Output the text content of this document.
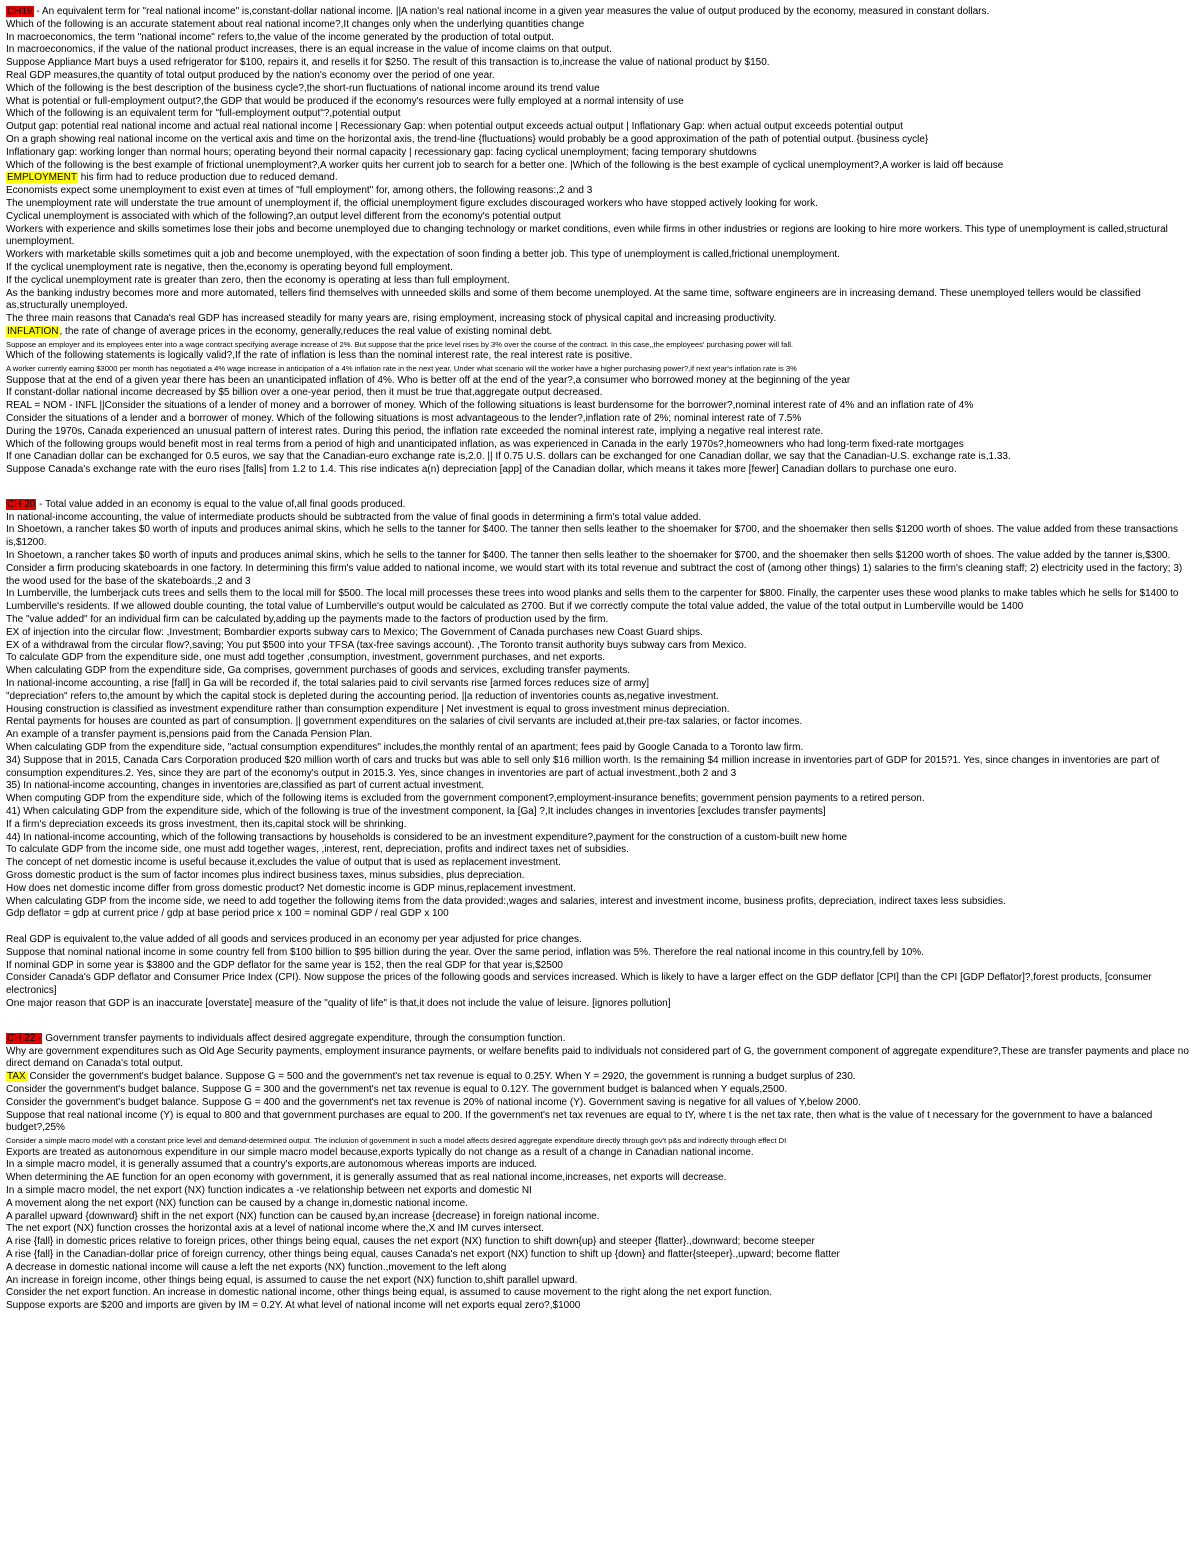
CH19 - An equivalent term for "real national income" is,constant-dollar national income. ||A nation's real national income in a given year measures the value of output produced by the economy, measured in constant dollars.

Which of the following is an accurate statement about real national income?,It changes only when the underlying quantities change

In macroeconomics, the term "national income" refers to,the value of the income generated by the production of total output.

In macroeconomics, if the value of the national product increases, there is an equal increase in the value of income claims on that output.

Suppose Appliance Mart buys a used refrigerator for $100, repairs it, and resells it for $250. The result of this transaction is to,increase the value of national product by $150.

Real GDP measures,the quantity of total output produced by the nation's economy over the period of one year.

Which of the following is the best description of the business cycle?,the short-run fluctuations of national income around its trend value

What is potential or full-employment output?,the GDP that would be produced if the economy's resources were fully employed at a normal intensity of use

Which of the following is an equivalent term for "full-employment output"?,potential output

Output gap: potential real national income and actual real national income | Recessionary Gap: when potential output exceeds actual output | Inflationary Gap: when actual output exceeds potential output

On a graph showing real national income on the vertical axis and time on the horizontal axis, the trend-line {fluctuations} would probably be a good approximation of the path of potential output. {business cycle}

Inflationary gap: working longer than normal hours; operating beyond their normal capacity | recessionary gap: facing cyclical unemployment; facing temporary shutdowns

Which of the following is the best example of frictional unemployment?,A worker quits her current job to search for a better one. |Which of the following is the best example of cyclical unemployment?,A worker is laid off because

EMPLOYMENT his firm had to reduce production due to reduced demand.

Economists expect some unemployment to exist even at times of "full employment" for, among others, the following reasons:,2 and 3

The unemployment rate will understate the true amount of unemployment if, the official unemployment figure excludes discouraged workers who have stopped actively looking for work.

Cyclical unemployment is associated with which of the following?,an output level different from the economy's potential output

Workers with experience and skills sometimes lose their jobs and become unemployed due to changing technology or market conditions, even while firms in other industries or regions are looking to hire more workers. This type of unemployment is called,structural unemployment.

Workers with marketable skills sometimes quit a job and become unemployed, with the expectation of soon finding a better job. This type of unemployment is called,frictional unemployment.

If the cyclical unemployment rate is negative, then the,economy is operating beyond full employment.

If the cyclical unemployment rate is greater than zero, then the economy is operating at less than full employment.

As the banking industry becomes more and more automated, tellers find themselves with unneeded skills and some of them become unemployed. At the same time, software engineers are in increasing demand. These unemployed tellers would be classified as,structurally unemployed.

The three main reasons that Canada's real GDP has increased steadily for many years are, rising employment, increasing stock of physical capital and increasing productivity.

INFLATION, the rate of change of average prices in the economy, generally,reduces the real value of existing nominal debt.

Suppose an employer and its employees enter into a wage contract specifying average increase of 2%. But suppose that the price level rises by 3% over the course of the contract. In this case,,the employees' purchasing power will fall.

Which of the following statements is logically valid?,If the rate of inflation is less than the nominal interest rate, the real interest rate is positive.

A worker currently earning $3000 per month has negotiated a 4% wage increase in anticipation of a 4% inflation rate in the next year. Under what scenario will the worker have a higher purchasing power?,if next year's inflation rate is 3%

Suppose that at the end of a given year there has been an unanticipated inflation of 4%. Who is better off at the end of the year?,a consumer who borrowed money at the beginning of the year

If constant-dollar national income decreased by $5 billion over a one-year period, then it must be true that,aggregate output decreased.

REAL = NOM - INFL ||Consider the situations of a lender of money and a borrower of money. Which of the following situations is least burdensome for the borrower?,nominal interest rate of 4% and an inflation rate of 4%

Consider the situations of a lender and a borrower of money. Which of the following situations is most advantageous to the lender?,inflation rate of 2%; nominal interest rate of 7.5%

During the 1970s, Canada experienced an unusual pattern of interest rates. During this period, the inflation rate exceeded the nominal interest rate, implying a negative real interest rate.

Which of the following groups would benefit most in real terms from a period of high and unanticipated inflation, as was experienced in Canada in the early 1970s?,homeowners who had long-term fixed-rate mortgages

If one Canadian dollar can be exchanged for 0.5 euros, we say that the Canadian-euro exchange rate is,2.0. || If 0.75 U.S. dollars can be exchanged for one Canadian dollar, we say that the Canadian-U.S. exchange rate is,1.33.

Suppose Canada's exchange rate with the euro rises [falls] from 1.2 to 1.4. This rise indicates a(n) depreciation [app] of the Canadian dollar, which means it takes more [fewer] Canadian dollars to purchase one euro.

CH 20 - Total value added in an economy is equal to the value of,all final goods produced.

In national-income accounting, the value of intermediate products should be subtracted from the value of final goods in determining a firm's total value added.

In Shoetown, a rancher takes $0 worth of inputs and produces animal skins, which he sells to the tanner for $400. The tanner then sells leather to the shoemaker for $700, and the shoemaker then sells $1200 worth of shoes. The value added from these transactions is,$1200.

In Shoetown, a rancher takes $0 worth of inputs and produces animal skins, which he sells to the tanner for $400. The tanner then sells leather to the shoemaker for $700, and the shoemaker then sells $1200 worth of shoes. The value added by the tanner is,$300.

Consider a firm producing skateboards in one factory. In determining this firm's value added to national income, we would start with its total revenue and subtract the cost of (among other things) 1) salaries to the firm's cleaning staff; 2) electricity used in the factory; 3) the wood used for the base of the skateboards.,2 and 3

In Lumberville, the lumberjack cuts trees and sells them to the local mill for $500. The local mill processes these trees into wood planks and sells them to the carpenter for $800. Finally, the carpenter uses these wood planks to make tables which he sells for $1400 to Lumberville's residents. If we allowed double counting, the total value of Lumberville's output would be calculated as 2700. But if we correctly compute the total value added, the value of the total output in Lumberville would be 1400

The "value added" for an individual firm can be calculated by,adding up the payments made to the factors of production used by the firm.

EX of injection into the circular flow: ,Investment; Bombardier exports subway cars to Mexico; The Government of Canada purchases new Coast Guard ships.

EX of a withdrawal from the circular flow?,saving; You put $500 into your TFSA (tax-free savings account). ,The Toronto transit authority buys subway cars from Mexico.

To calculate GDP from the expenditure side, one must add together ,consumption, investment, government purchases, and net exports.

When calculating GDP from the expenditure side, Ga comprises, government purchases of goods and services, excluding transfer payments.

In national-income accounting, a rise [fall] in Ga will be recorded if, the total salaries paid to civil servants rise [armed forces reduces size of army]

"depreciation" refers to,the amount by which the capital stock is depleted during the accounting period. ||a reduction of inventories counts as,negative investment.

Housing construction is classified as investment expenditure rather than consumption expenditure | Net investment is equal to gross investment minus depreciation.

Rental payments for houses are counted as part of consumption. || government expenditures on the salaries of civil servants are included at,their pre-tax salaries, or factor incomes.

An example of a transfer payment is,pensions paid from the Canada Pension Plan.

When calculating GDP from the expenditure side, "actual consumption expenditures" includes,the monthly rental of an apartment; fees paid by Google Canada to a Toronto law firm.

34) Suppose that in 2015, Canada Cars Corporation produced $20 million worth of cars and trucks but was able to sell only $16 million worth. Is the remaining $4 million increase in inventories part of GDP for 2015?1. Yes, since changes in inventories are part of consumption expenditures.2. Yes, since they are part of the economy's output in 2015.3. Yes, since changes in inventories are part of actual investment.,both 2 and 3

35) In national-income accounting, changes in inventories are,classified as part of current actual investment.

When computing GDP from the expenditure side, which of the following items is excluded from the government component?,employment-insurance benefits; government pension payments to a retired person.

41) When calculating GDP from the expenditure side, which of the following is true of the investment component, Ia [Ga] ?,It includes changes in inventories [excludes transfer payments]

If a firm's depreciation exceeds its gross investment, then its,capital stock will be shrinking.

44) In national-income accounting, which of the following transactions by households is considered to be an investment expenditure?,payment for the construction of a custom-built new home

To calculate GDP from the income side, one must add together wages, ,interest, rent, depreciation, profits and indirect taxes net of subsidies.

The concept of net domestic income is useful because it,excludes the value of output that is used as replacement investment.

Gross domestic product is the sum of factor incomes plus indirect business taxes, minus subsidies, plus depreciation.

How does net domestic income differ from gross domestic product? Net domestic income is GDP minus,replacement investment.

When calculating GDP from the income side, we need to add together the following items from the data provided:,wages and salaries, interest and investment income, business profits, depreciation, indirect taxes less subsidies.

Gdp deflator = gdp at current price / gdp at base period price x 100 = nominal GDP / real GDP x 100

Real GDP is equivalent to,the value added of all goods and services produced in an economy per year adjusted for price changes.

Suppose that nominal national income in some country fell from $100 billion to $95 billion during the year. Over the same period, inflation was 5%. Therefore the real national income in this country,fell by 10%.

If nominal GDP in some year is $3800 and the GDP deflator for the same year is 152, then the real GDP for that year is,$2500

Consider Canada's GDP deflator and Consumer Price Index (CPI). Now suppose the prices of the following goods and services increased. Which is likely to have a larger effect on the GDP deflator [CPI] than the CPI [GDP Deflator]?,forest products, [consumer electronics]

One major reason that GDP is an inaccurate [overstate] measure of the "quality of life" is that,it does not include the value of leisure. [ignores pollution]

CH 22 - Government transfer payments to individuals affect desired aggregate expenditure, through the consumption function.

Why are government expenditures such as Old Age Security payments, employment insurance payments, or welfare benefits paid to individuals not considered part of G, the government component of aggregate expenditure?,These are transfer payments and place no direct demand on Canada's total output.

TAX Consider the government's budget balance. Suppose G = 500 and the government's net tax revenue is equal to 0.25Y. When Y = 2920, the government is running a budget surplus of 230.

Consider the government's budget balance. Suppose G = 300 and the government's net tax revenue is equal to 0.12Y. The government budget is balanced when Y equals,2500.

Consider the government's budget balance. Suppose G = 400 and the government's net tax revenue is 20% of national income (Y). Government saving is negative for all values of Y,below 2000.

Suppose that real national income (Y) is equal to 800 and that government purchases are equal to 200. If the government's net tax revenues are equal to tY, where t is the net tax rate, then what is the value of t necessary for the government to have a balanced budget?,25%

Consider a simple macro model with a constant price level and demand-determined output. The inclusion of government in such a model affects desired aggregate expenditure directly through gov't p&s and indirectly through effect DI

Exports are treated as autonomous expenditure in our simple macro model because,exports typically do not change as a result of a change in Canadian national income.

In a simple macro model, it is generally assumed that a country's exports,are autonomous whereas imports are induced.

When determining the AE function for an open economy with government, it is generally assumed that as real national income,increases, net exports will decrease.

In a simple macro model, the net export (NX) function indicates a -ve relationship between net exports and domestic NI

A movement along the net export (NX) function can be caused by a change in,domestic national income.

A parallel upward {downward} shift in the net export (NX) function can be caused by,an increase {decrease} in foreign national income.

The net export (NX) function crosses the horizontal axis at a level of national income where the,X and IM curves intersect.

A rise {fall} in domestic prices relative to foreign prices, other things being equal, causes the net export (NX) function to shift down{up} and steeper {flatter}.,downward; become steeper

A rise {fall} in the Canadian-dollar price of foreign currency, other things being equal, causes Canada's net export (NX) function to shift up {down} and flatter{steeper}.,upward; become flatter

A decrease in domestic national income will cause a left the net exports (NX) function.,movement to the left along

An increase in foreign income, other things being equal, is assumed to cause the net export (NX) function to,shift parallel upward.

Consider the net export function. An increase in domestic national income, other things being equal, is assumed to cause movement to the right along the net export function.

Suppose exports are $200 and imports are given by IM = 0.2Y. At what level of national income will net exports equal zero?,$1000
